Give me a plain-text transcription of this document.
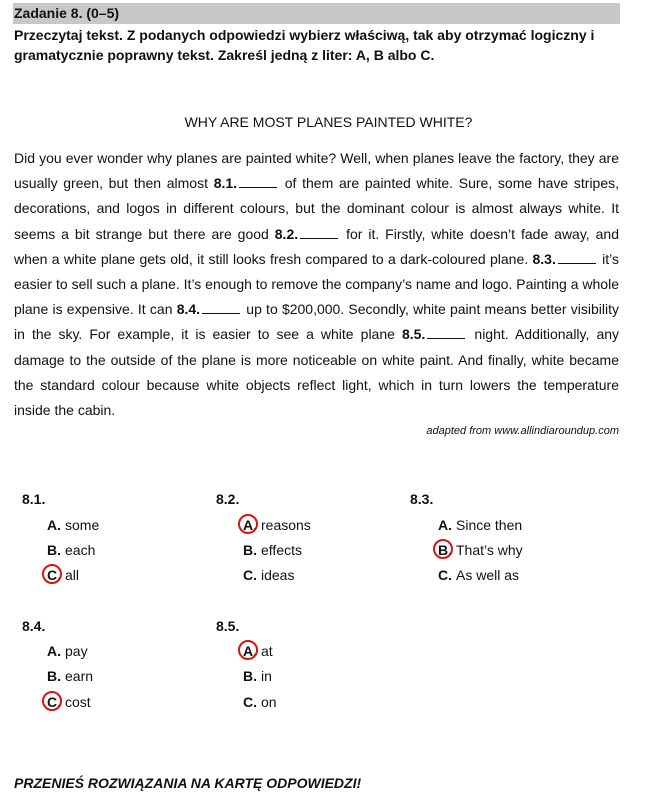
Zadanie 8. (0–5)
Przeczytaj tekst. Z podanych odpowiedzi wybierz właściwą, tak aby otrzymać logiczny i gramatycznie poprawny tekst. Zakreśl jedną z liter: A, B albo C.
WHY ARE MOST PLANES PAINTED WHITE?
Did you ever wonder why planes are painted white? Well, when planes leave the factory, they are usually green, but then almost 8.1.	of them are painted white. Sure, some have stripes, decorations, and logos in different colours, but the dominant colour is almost always white. It seems a bit strange but there are good 8.2.	for it. Firstly, white doesn’t fade away, and when a white plane gets old, it still looks fresh compared to a dark-coloured plane. 8.3.	it’s easier to sell such a plane. It’s enough to remove the company’s name and logo. Painting a whole plane is expensive. It can 8.4.	up to $200,000. Secondly, white paint means better visibility in the sky. For example, it is easier to see a white plane 8.5.	night. Additionally, any damage to the outside of the plane is more noticeable on white paint. And finally, white became the standard colour because white objects reflect light, which in turn lowers the temperature inside the cabin.
adapted from www.allindiaroundup.com
8.1.
A. some
B. each
C. all
8.2.
A. reasons
B. effects
C. ideas
8.3.
A. Since then
B. That’s why
C. As well as
8.4.
A. pay
B. earn
C. cost
8.5.
A. at
B. in
C. on
PRZENIEŚ ROZWIĄZANIA NA KARTĘ ODPOWIEDZI!
